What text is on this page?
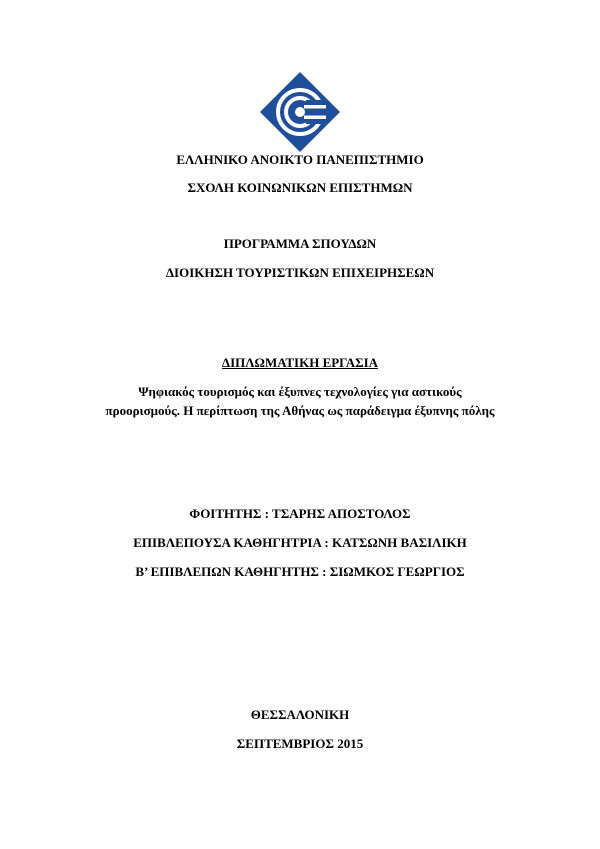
ΕΛΛΗΝΙΚΟ ΑΝΟΙΚΤΟ ΠΑΝΕΠΙΣΤΗΜΙΟ
ΣΧΟΛΗ ΚΟΙΝΩΝΙΚΩΝ ΕΠΙΣΤΗΜΩΝ
ΠΡΟΓΡΑΜΜΑ ΣΠΟΥΔΩΝ
ΔΙΟΙΚΗΣΗ ΤΟΥΡΙΣΤΙΚΩΝ ΕΠΙΧΕΙΡΗΣΕΩΝ
ΔΙΠΛΩΜΑΤΙΚΗ ΕΡΓΑΣΙΑ
Ψηφιακός τουρισμός και έξυπνες τεχνολογίες για αστικούς προορισμούς. Η περίπτωση της Αθήνας ως παράδειγμα έξυπνης πόλης
ΦΟΙΤΗΤΗΣ : ΤΣΑΡΗΣ ΑΠΟΣΤΟΛΟΣ
ΕΠΙΒΛΕΠΟΥΣΑ ΚΑΘΗΓΗΤΡΙΑ : ΚΑΤΣΩΝΗ ΒΑΣΙΛΙΚΗ
Β’ ΕΠΙΒΛΕΠΩΝ ΚΑΘΗΓΗΤΗΣ : ΣΙΩΜΚΟΣ ΓΕΩΡΓΙΟΣ
ΘΕΣΣΑΛΟΝΙΚΗ
ΣΕΠΤΕΜΒΡΙΟΣ 2015
